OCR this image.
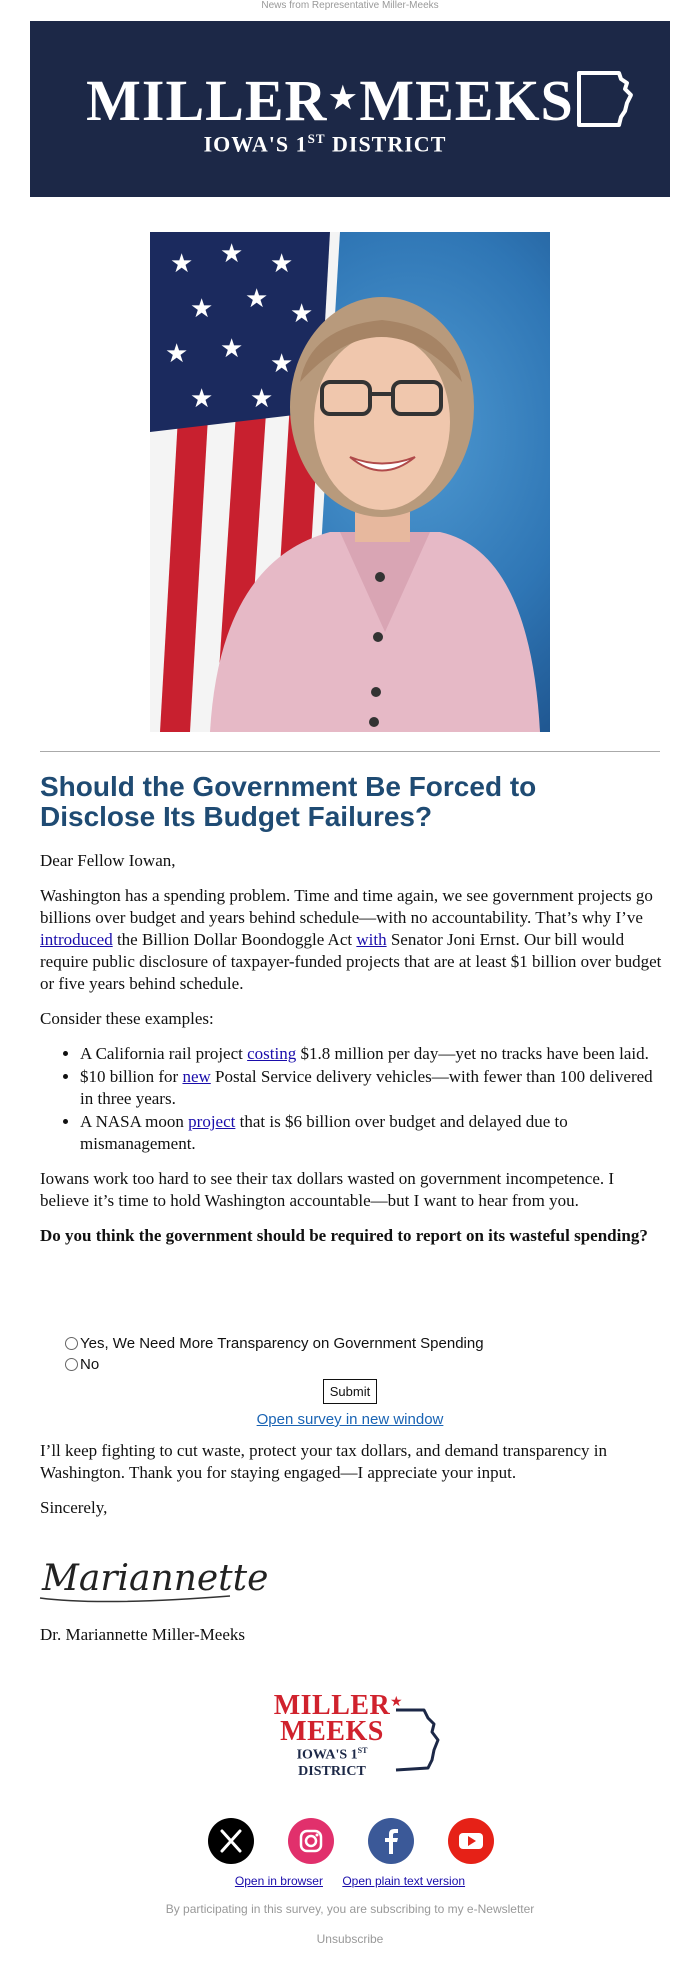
News from Representative Miller-Meeks
MILLER★MEEKS
IOWA'S 1ST DISTRICT
★ ★ ★
★ ★
★
★ ★
★
★ ★
Should the Government Be Forced to Disclose Its Budget Failures?

Dear Fellow Iowan,

Washington has a spending problem. Time and time again, we see government projects go billions over budget and years behind schedule—with no accountability. That’s why I’ve introduced the Billion Dollar Boondoggle Act with Senator Joni Ernst. Our bill would require public disclosure of taxpayer-funded projects that are at least $1 billion over budget or five years behind schedule.

Consider these examples:

• A California rail project costing $1.8 million per day—yet no tracks have been laid.
• $10 billion for new Postal Service delivery vehicles—with fewer than 100 delivered in three years.
• A NASA moon project that is $6 billion over budget and delayed due to mismanagement.

Iowans work too hard to see their tax dollars wasted on government incompetence. I believe it’s time to hold Washington accountable—but I want to hear from you.

Do you think the government should be required to report on its wasteful spending?

Yes, We Need More Transparency on Government Spending
No
Submit
Open survey in new window

I’ll keep fighting to cut waste, protect your tax dollars, and demand transparency in Washington. Thank you for staying engaged—I appreciate your input.

Sincerely,

Mariannette
Dr. Mariannette Miller-Meeks
MILLER
MEEKS
★
IOWA'S 1ST DISTRICT
Open in browser Open plain text version
By participating in this survey, you are subscribing to my e-Newsletter
Unsubscribe
